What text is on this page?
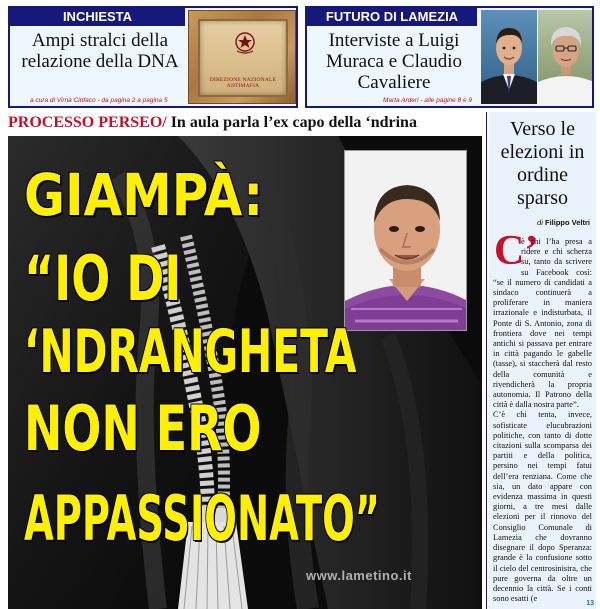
INCHIESTA
Ampi stralci della relazione della DNA
a cura di Virna Cinfaco - da pagina 2 a pagina 5
DIREZIONE NAZIONALE ANTIMAFIA
FUTURO DI LAMEZIA
Interviste a Luigi Muraca e Claudio Cavaliere
Marta Arderi - alle pagine 8 e 9
PROCESSO PERSEO/ In aula parla l’ex capo della ‘ndrina
GIAMPÀ:
“IO DI
‘NDRANGHETA
NON ERO
APPASSIONATO”
www.lametino.it
Verso le elezioni in ordine sparso
di Filippo Veltri
C’

è chi l’ha presa a ridere e chi scherza su, tanto da scrivere su Facebook così: “se il numero di candidati a sindaco continuerà a proliferare in maniera irrazionale e indisturbata, il Ponte di S. Antonio, zona di frontiera dove nei tempi antichi si passava per entrare in città pagando le gabelle (tasse), si staccherà dal resto della comunità e rivendicherà la propria autonomia. Il Patrono della città è dalla nostra parte”.

C’è chi tenta, invece, sofisticate elucubrazioni politiche, con tanto di dotte citazioni sulla scomparsa dei partiti e della politica, persino nei tempi fatui dell’era renziana. Come che sia, un dato appare con evidenza massima in questi giorni, a tre mesi dalle elezioni per il rinnovo del Consiglio Comunale di Lamezia che dovranno disegnare il dopo Speranza: grande è la confusione sotto il cielo del centrosinistra, che pure governa da oltre un decennio la città. Se i conti sono esatti (e

13
